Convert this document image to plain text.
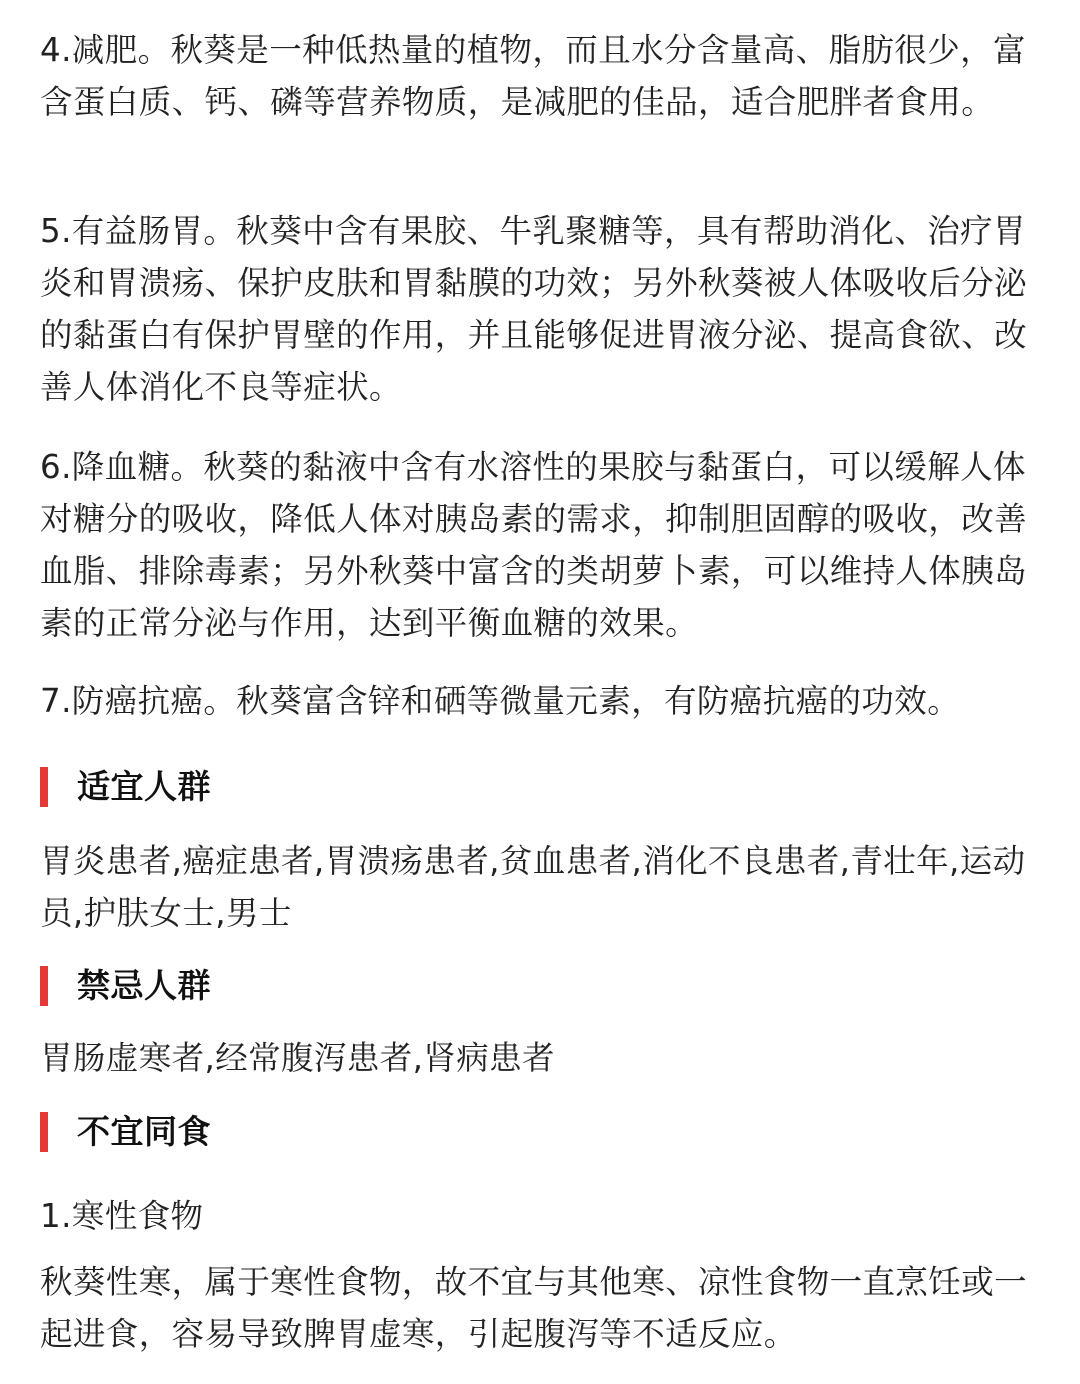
4.减肥。秋葵是一种低热量的植物，而且水分含量高、脂肪很少，富含蛋白质、钙、磷等营养物质，是减肥的佳品，适合肥胖者食用。

5.有益肠胃。秋葵中含有果胶、牛乳聚糖等，具有帮助消化、治疗胃炎和胃溃疡、保护皮肤和胃黏膜的功效；另外秋葵被人体吸收后分泌的黏蛋白有保护胃壁的作用，并且能够促进胃液分泌、提高食欲、改善人体消化不良等症状。

6.降血糖。秋葵的黏液中含有水溶性的果胶与黏蛋白，可以缓解人体对糖分的吸收，降低人体对胰岛素的需求，抑制胆固醇的吸收，改善血脂、排除毒素；另外秋葵中富含的类胡萝卜素，可以维持人体胰岛素的正常分泌与作用，达到平衡血糖的效果。

7.防癌抗癌。秋葵富含锌和硒等微量元素，有防癌抗癌的功效。

适宜人群

胃炎患者,癌症患者,胃溃疡患者,贫血患者,消化不良患者,青壮年,运动员,护肤女士,男士

禁忌人群

胃肠虚寒者,经常腹泻患者,肾病患者

不宜同食

1.寒性食物

秋葵性寒，属于寒性食物，故不宜与其他寒、凉性食物一直烹饪或一起进食，容易导致脾胃虚寒，引起腹泻等不适反应。
